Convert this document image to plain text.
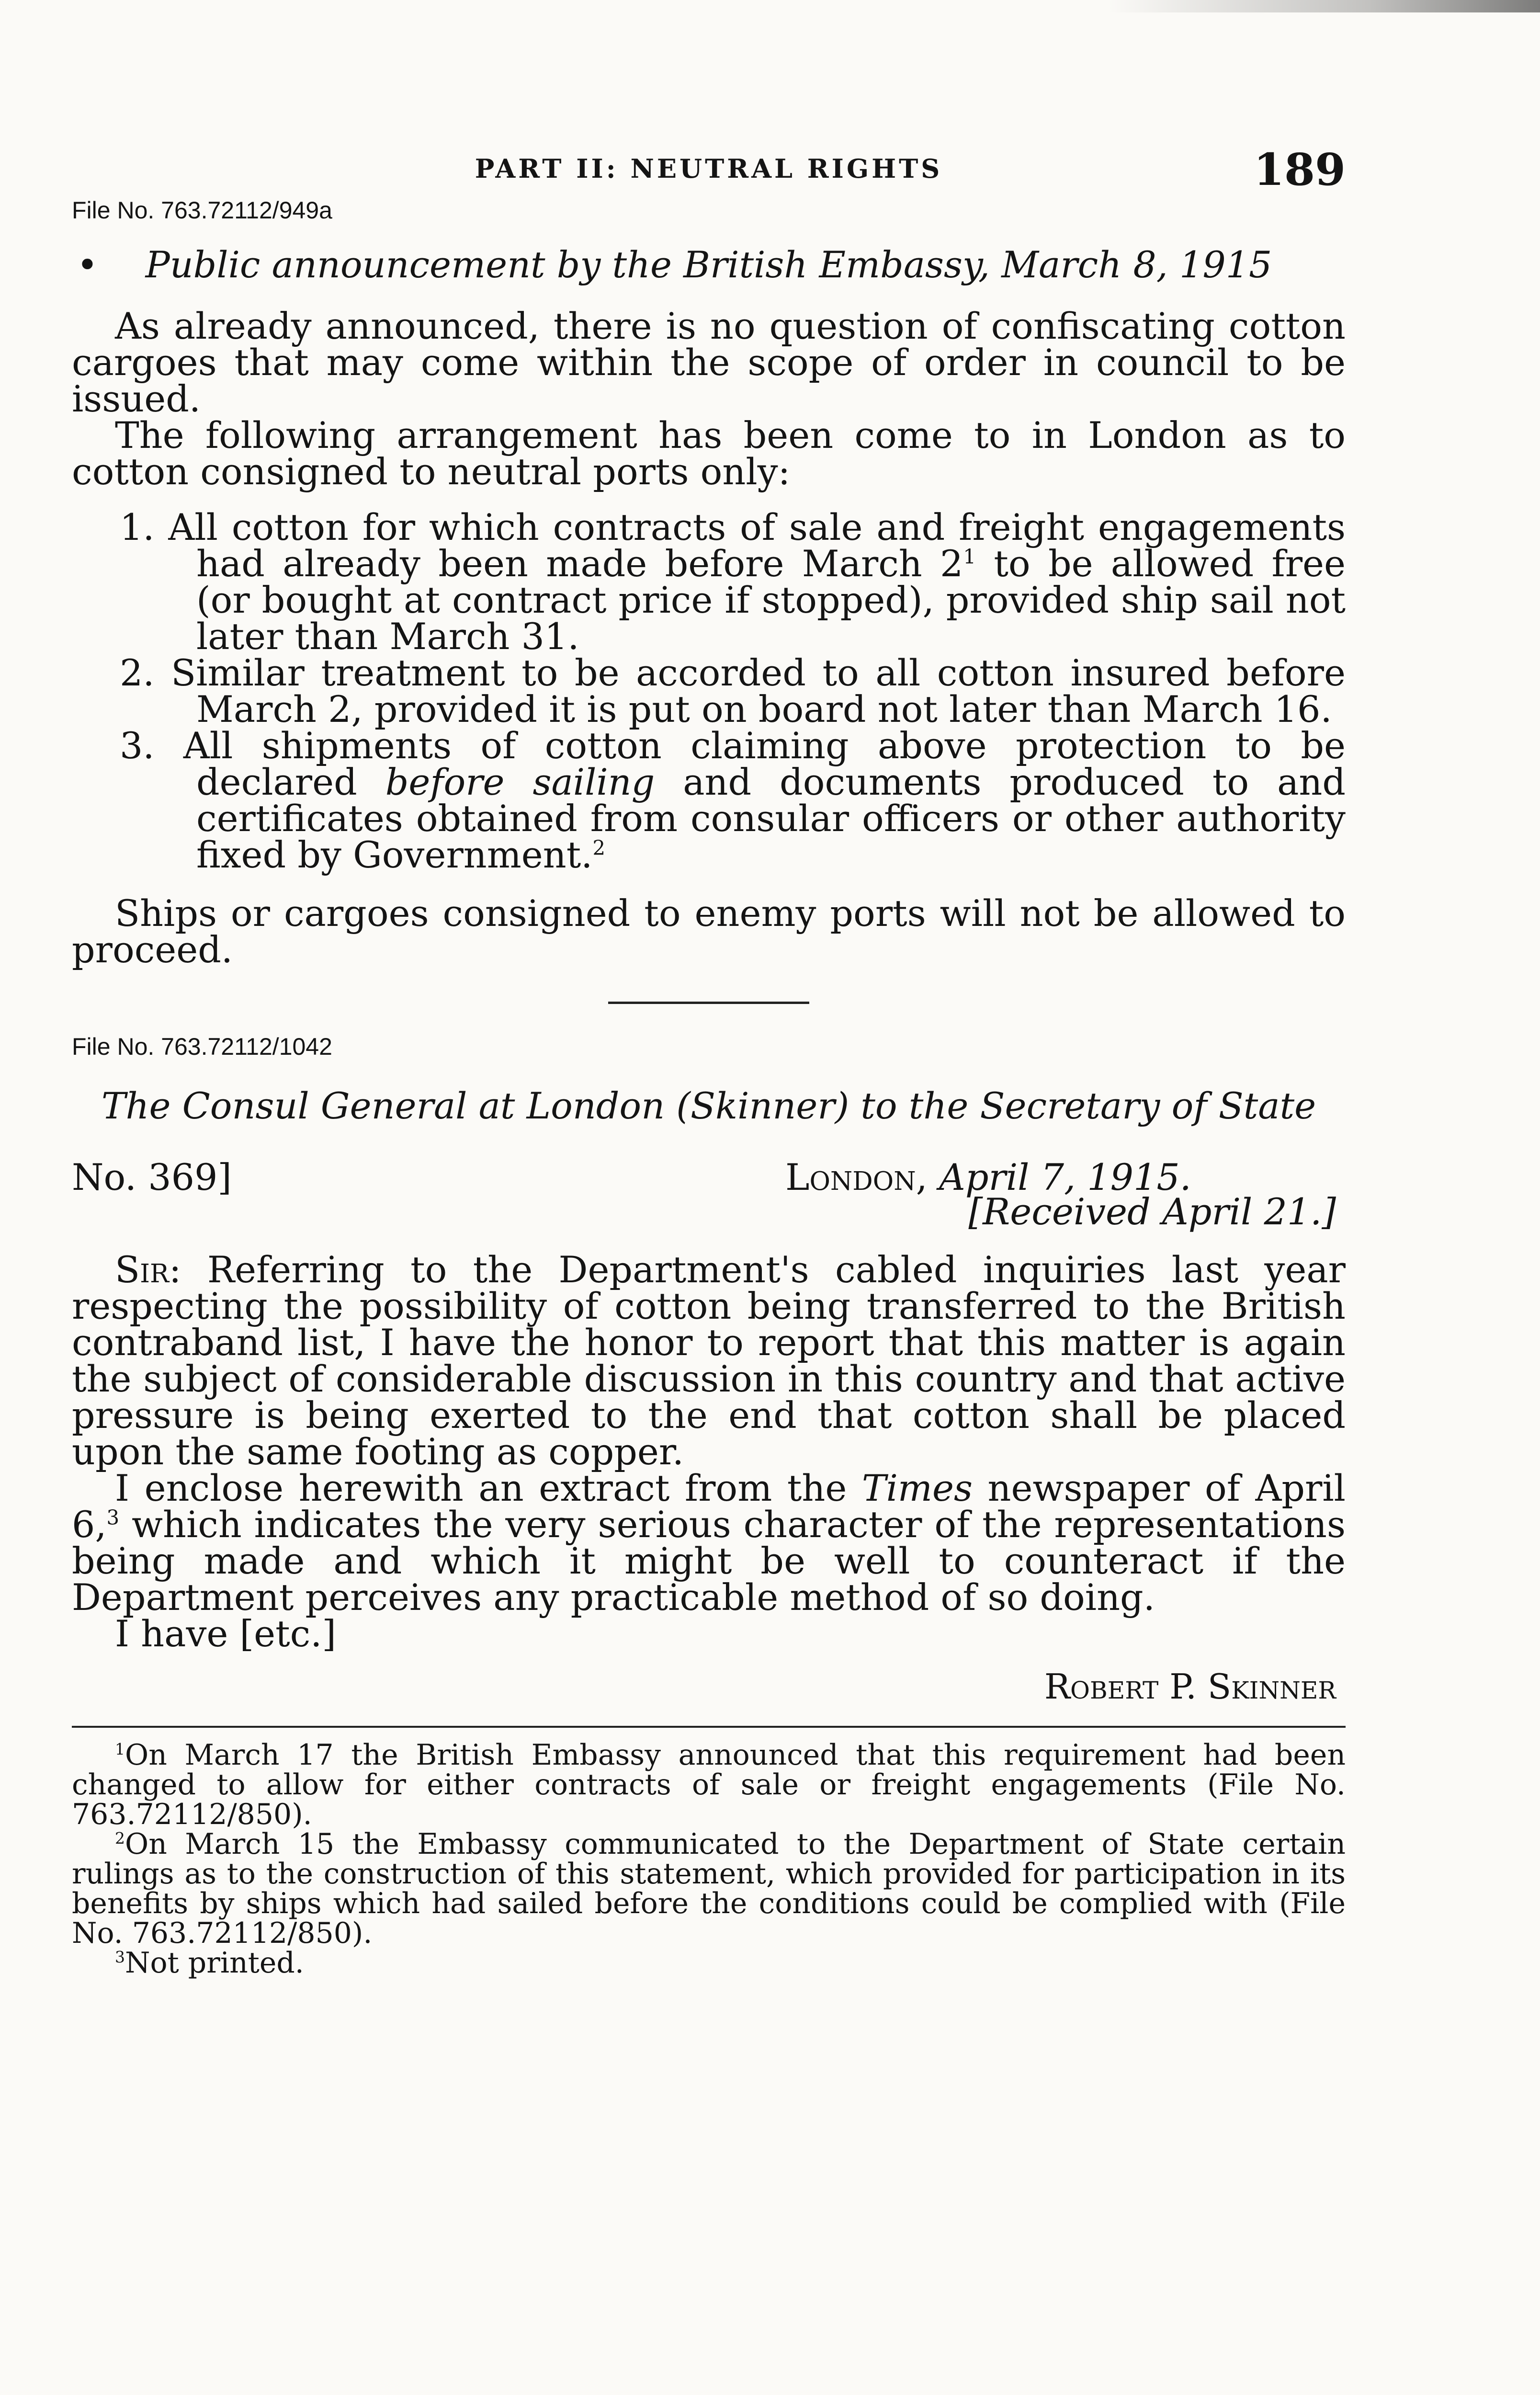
PART II: NEUTRAL RIGHTS	189

File No. 763.72112/949a

• Public announcement by the British Embassy, March 8, 1915

As already announced, there is no question of confiscating cotton cargoes that may come within the scope of order in council to be issued.

The following arrangement has been come to in London as to cotton consigned to neutral ports only:

1. All cotton for which contracts of sale and freight engagements had already been made before March $2^1$ to be allowed free (or bought at contract price if stopped), provided ship sail not later than March 31.

2. Similar treatment to be accorded to all cotton insured before March 2, provided it is put on board not later than March 16.

3. All shipments of cotton claiming above protection to be declared before sailing and documents produced to and certificates obtained from consular officers or other authority fixed by Government.$^2$

Ships or cargoes consigned to enemy ports will not be allowed to proceed.

File No. 763.72112/1042

The Consul General at London (Skinner) to the Secretary of State
No. 369]	London, April 7, 1915.
[Received April 21.]

Sir: Referring to the Department's cabled inquiries last year respecting the possibility of cotton being transferred to the British contraband list, I have the honor to report that this matter is again the subject of considerable discussion in this country and that active pressure is being exerted to the end that cotton shall be placed upon the same footing as copper.

I enclose herewith an extract from the Times newspaper of April 6,$^3$ which indicates the very serious character of the representations being made and which it might be well to counteract if the Department perceives any practicable method of so doing.

I have [etc.]

Robert P. Skinner

$^1$On March 17 the British Embassy announced that this requirement had been changed to allow for either contracts of sale or freight engagements (File No. 763.72112/850).

$^2$On March 15 the Embassy communicated to the Department of State certain rulings as to the construction of this statement, which provided for participation in its benefits by ships which had sailed before the conditions could be complied with (File No. 763.72112/850).

$^3$Not printed.
